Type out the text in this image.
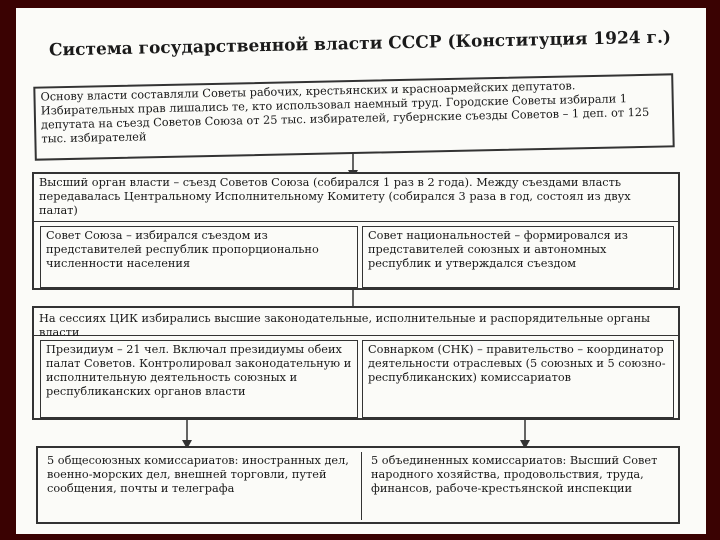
Система государственной власти СССР (Конституция 1924 г.)
Основу власти составляли Советы рабочих, крестьянских и красноармейских депутатов. Избирательных прав лишались те, кто использовал наемный труд. Городские Советы избирали 1 депутата на съезд Советов Союза от 25 тыс. избирателей, губернские съезды Советов – 1 деп. от 125 тыс. избирателей
Высший орган власти – съезд Советов Союза (собирался 1 раз в 2 года). Между съездами власть передавалась Центральному Исполнительному Комитету (собирался 3 раза в год, состоял из двух палат)
Совет Союза – избирался съездом из представителей республик пропорционально численности населения
Совет национальностей – формировался из представителей союзных и автономных республик и утверждался съездом
На сессиях ЦИК избирались высшие законодательные, исполнительные и распорядительные органы власти
Президиум – 21 чел. Включал президиумы обеих палат Советов. Контролировал законодательную и исполнительную деятельность союзных и республиканских органов власти
Совнарком (СНК) – правительство – координатор деятельности отраслевых (5 союзных и 5 союзно-республиканских) комиссариатов
5 общесоюзных комиссариатов: иностранных дел, военно-морских дел, внешней торговли, путей сообщения, почты и телеграфа
5 объединенных комиссариатов: Высший Совет народного хозяйства, продовольствия, труда, финансов, рабоче-крестьянской инспекции
